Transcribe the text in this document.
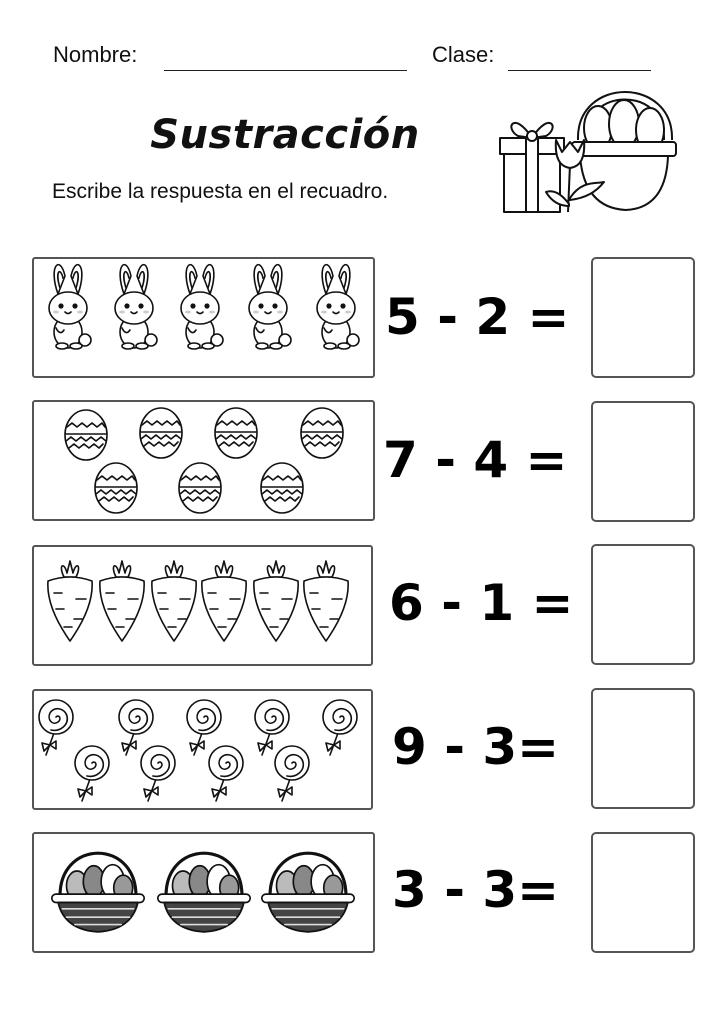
Nombre:	Clase:
Sustracción
Escribe la respuesta en el recuadro.
5 - 2 =
7 - 4 =
6 - 1 =
9 - 3=
3 - 3=
